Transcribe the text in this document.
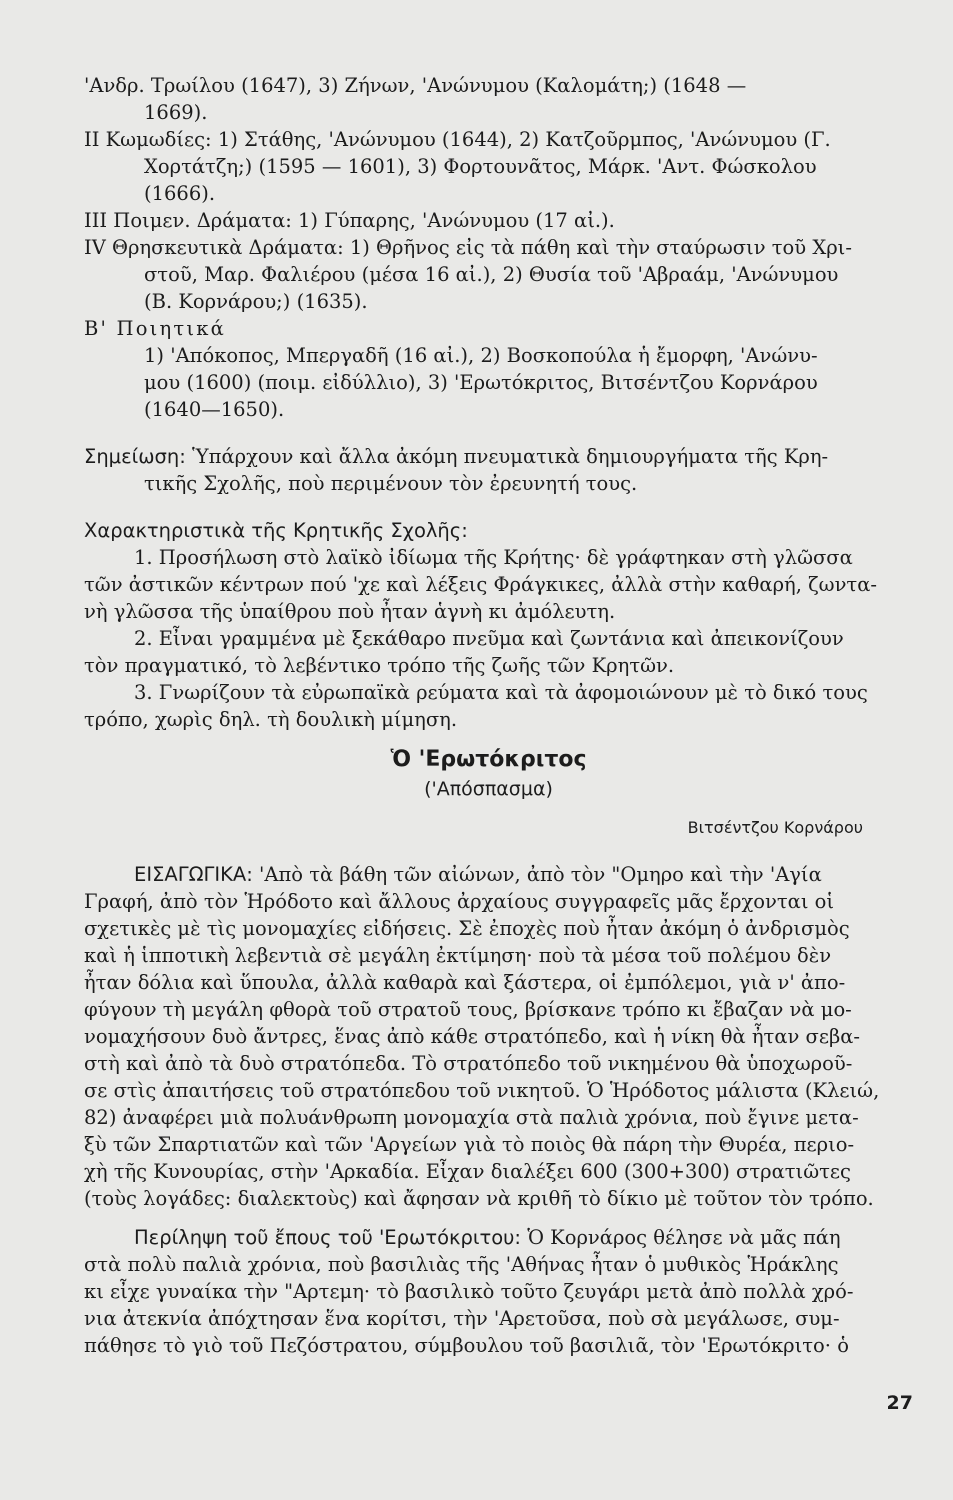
'Ανδρ. Τρωίλου (1647), 3) Ζήνων, 'Ανώνυμου (Καλομάτη;) (1648 —
1669).
II Κωμωδίες: 1) Στάθης, 'Ανώνυμου (1644), 2) Κατζοῦρμπος, 'Ανώνυμου (Γ.
Χορτάτζη;) (1595 — 1601), 3) Φορτουνᾶτος, Μάρκ. 'Αντ. Φώσκολου
(1666).
III Ποιμεν. Δράματα: 1) Γύπαρης, 'Ανώνυμου (17 αἰ.).
IV Θρησκευτικὰ Δράματα: 1) Θρῆνος εἰς τὰ πάθη καὶ τὴν σταύρωσιν τοῦ Χρι-
στοῦ, Μαρ. Φαλιέρου (μέσα 16 αἰ.), 2) Θυσία τοῦ 'Αβραάμ, 'Ανώνυμου
(Β. Κορνάρου;) (1635).
Β' Ποιητικά
1) 'Απόκοπος, Μπεργαδῆ (16 αἰ.), 2) Βοσκοπούλα ἡ ἔμορφη, 'Ανώνυ-
μου (1600) (ποιμ. εἰδύλλιο), 3) 'Ερωτόκριτος, Βιτσέντζου Κορνάρου
(1640—1650).
Σημείωση: Ὑπάρχουν καὶ ἄλλα ἀκόμη πνευματικὰ δημιουργήματα τῆς Κρη-
τικῆς Σχολῆς, ποὺ περιμένουν τὸν ἐρευνητή τους.
Χαρακτηριστικὰ τῆς Κρητικῆς Σχολῆς:
1. Προσήλωση στὸ λαϊκὸ ἰδίωμα τῆς Κρήτης· δὲ γράφτηκαν στὴ γλῶσσα
τῶν ἀστικῶν κέντρων πού 'χε καὶ λέξεις Φράγκικες, ἀλλὰ στὴν καθαρή, ζωντα-
νὴ γλῶσσα τῆς ὑπαίθρου ποὺ ἦταν ἁγνὴ κι ἀμόλευτη.
2. Εἶναι γραμμένα μὲ ξεκάθαρο πνεῦμα καὶ ζωντάνια καὶ ἀπεικονίζουν
τὸν πραγματικό, τὸ λεβέντικο τρόπο τῆς ζωῆς τῶν Κρητῶν.
3. Γνωρίζουν τὰ εὐρωπαϊκὰ ρεύματα καὶ τὰ ἀφομοιώνουν μὲ τὸ δικό τους
τρόπο, χωρὶς δηλ. τὴ δουλικὴ μίμηση.
Ὁ 'Ερωτόκριτος
('Απόσπασμα)
Βιτσέντζου Κορνάρου
ΕΙΣΑΓΩΓΙΚΑ: 'Απὸ τὰ βάθη τῶν αἰώνων, ἀπὸ τὸν "Ομηρο καὶ τὴν 'Αγία
Γραφή, ἀπὸ τὸν Ἡρόδοτο καὶ ἄλλους ἀρχαίους συγγραφεῖς μᾶς ἔρχονται οἱ
σχετικὲς μὲ τὶς μονομαχίες εἰδήσεις. Σὲ ἐποχὲς ποὺ ἦταν ἀκόμη ὁ ἀνδρισμὸς
καὶ ἡ ἱπποτικὴ λεβεντιὰ σὲ μεγάλη ἐκτίμηση· ποὺ τὰ μέσα τοῦ πολέμου δὲν
ἦταν δόλια καὶ ὕπουλα, ἀλλὰ καθαρὰ καὶ ξάστερα, οἱ ἐμπόλεμοι, γιὰ ν' ἀπο-
φύγουν τὴ μεγάλη φθορὰ τοῦ στρατοῦ τους, βρίσκανε τρόπο κι ἔβαζαν νὰ μο-
νομαχήσουν δυὸ ἄντρες, ἕνας ἀπὸ κάθε στρατόπεδο, καὶ ἡ νίκη θὰ ἦταν σεβα-
στὴ καὶ ἀπὸ τὰ δυὸ στρατόπεδα. Τὸ στρατόπεδο τοῦ νικημένου θὰ ὑποχωροῦ-
σε στὶς ἀπαιτήσεις τοῦ στρατόπεδου τοῦ νικητοῦ. Ὁ Ἡρόδοτος μάλιστα (Κλειώ,
82) ἀναφέρει μιὰ πολυάνθρωπη μονομαχία στὰ παλιὰ χρόνια, ποὺ ἔγινε μετα-
ξὺ τῶν Σπαρτιατῶν καὶ τῶν 'Αργείων γιὰ τὸ ποιὸς θὰ πάρη τὴν Θυρέα, περιο-
χὴ τῆς Κυνουρίας, στὴν 'Αρκαδία. Εἶχαν διαλέξει 600 (300+300) στρατιῶτες
(τοὺς λογάδες: διαλεκτοὺς) καὶ ἄφησαν νὰ κριθῆ τὸ δίκιο μὲ τοῦτον τὸν τρόπο.
Περίληψη τοῦ ἔπους τοῦ 'Ερωτόκριτου: Ὁ Κορνάρος θέλησε νὰ μᾶς πάη
στὰ πολὺ παλιὰ χρόνια, ποὺ βασιλιὰς τῆς 'Αθήνας ἦταν ὁ μυθικὸς Ἡράκλης
κι εἶχε γυναίκα τὴν "Αρτεμη· τὸ βασιλικὸ τοῦτο ζευγάρι μετὰ ἀπὸ πολλὰ χρό-
νια ἀτεκνία ἀπόχτησαν ἕνα κορίτσι, τὴν 'Αρετοῦσα, ποὺ σὰ μεγάλωσε, συμ-
πάθησε τὸ γιὸ τοῦ Πεζόστρατου, σύμβουλου τοῦ βασιλιᾶ, τὸν 'Ερωτόκριτο· ὁ
27
